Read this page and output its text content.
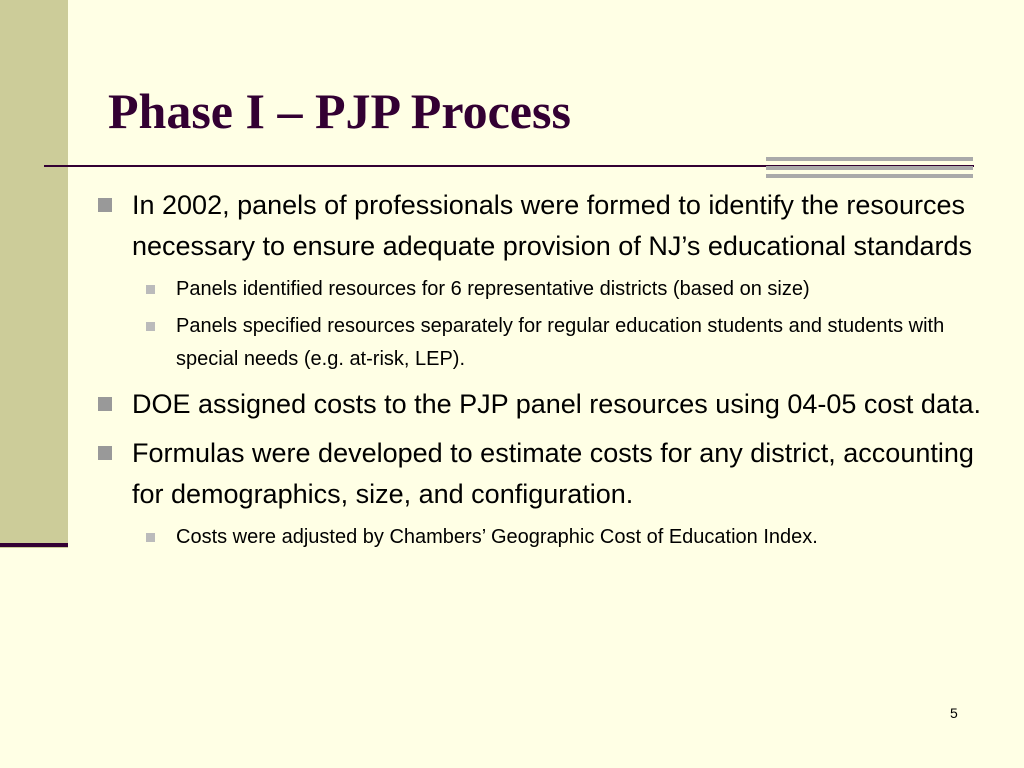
Phase I – PJP Process
In 2002, panels of professionals were formed to identify the resources necessary to ensure adequate provision of NJ’s educational standards
Panels identified resources for 6 representative districts (based on size)
Panels specified resources separately for regular education students and students with special needs (e.g. at-risk, LEP).
DOE assigned costs to the PJP panel resources using 04-05 cost data.
Formulas were developed to estimate costs for any district, accounting for demographics, size, and configuration.
Costs were adjusted by Chambers’ Geographic Cost of Education Index.
5
